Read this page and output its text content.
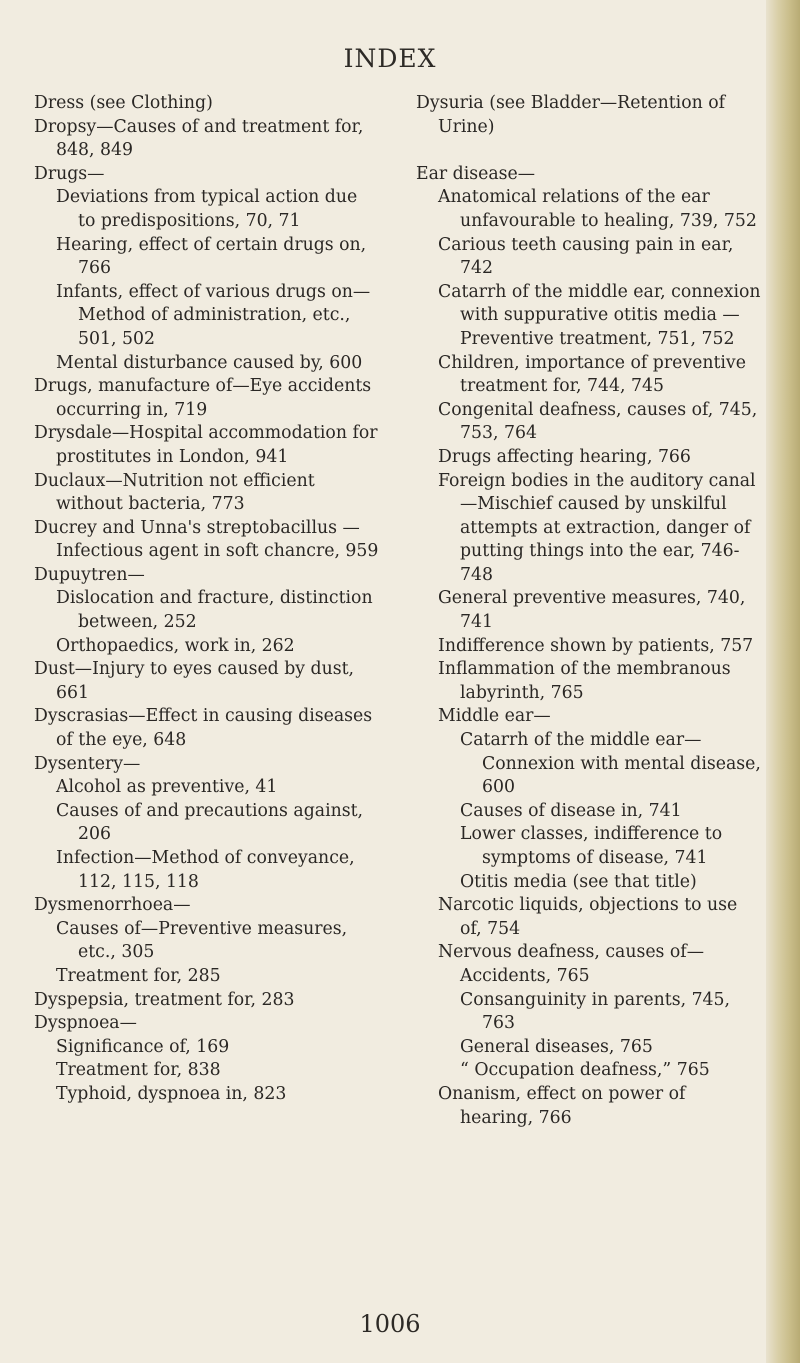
INDEX
Dress (see Clothing)
Dropsy—Causes of and treatment for, 848, 849
Drugs—
Deviations from typical action due to predispositions, 70, 71
Hearing, effect of certain drugs on, 766
Infants, effect of various drugs on—Method of administration, etc., 501, 502
Mental disturbance caused by, 600
Drugs, manufacture of—Eye accidents occurring in, 719
Drysdale—Hospital accommodation for prostitutes in London, 941
Duclaux—Nutrition not efficient without bacteria, 773
Ducrey and Unna's streptobacillus —Infectious agent in soft chancre, 959
Dupuytren—
Dislocation and fracture, distinction between, 252
Orthopaedics, work in, 262
Dust—Injury to eyes caused by dust, 661
Dyscrasias—Effect in causing diseases of the eye, 648
Dysentery—
Alcohol as preventive, 41
Causes of and precautions against, 206
Infection—Method of conveyance, 112, 115, 118
Dysmenorrhoea—
Causes of—Preventive measures, etc., 305
Treatment for, 285
Dyspepsia, treatment for, 283
Dyspnoea—
Significance of, 169
Treatment for, 838
Typhoid, dyspnoea in, 823
Dysuria (see Bladder—Retention of Urine)
Ear disease—
Anatomical relations of the ear unfavourable to healing, 739, 752
Carious teeth causing pain in ear, 742
Catarrh of the middle ear, connexion with suppurative otitis media — Preventive treatment, 751, 752
Children, importance of preventive treatment for, 744, 745
Congenital deafness, causes of, 745, 753, 764
Drugs affecting hearing, 766
Foreign bodies in the auditory canal—Mischief caused by unskilful attempts at extraction, danger of putting things into the ear, 746-748
General preventive measures, 740, 741
Indifference shown by patients, 757
Inflammation of the membranous labyrinth, 765
Middle ear—
Catarrh of the middle ear—Connexion with mental disease, 600
Causes of disease in, 741
Lower classes, indifference to symptoms of disease, 741
Otitis media (see that title)
Narcotic liquids, objections to use of, 754
Nervous deafness, causes of—
Accidents, 765
Consanguinity in parents, 745, 763
General diseases, 765
“ Occupation deafness,” 765
Onanism, effect on power of hearing, 766
1006
